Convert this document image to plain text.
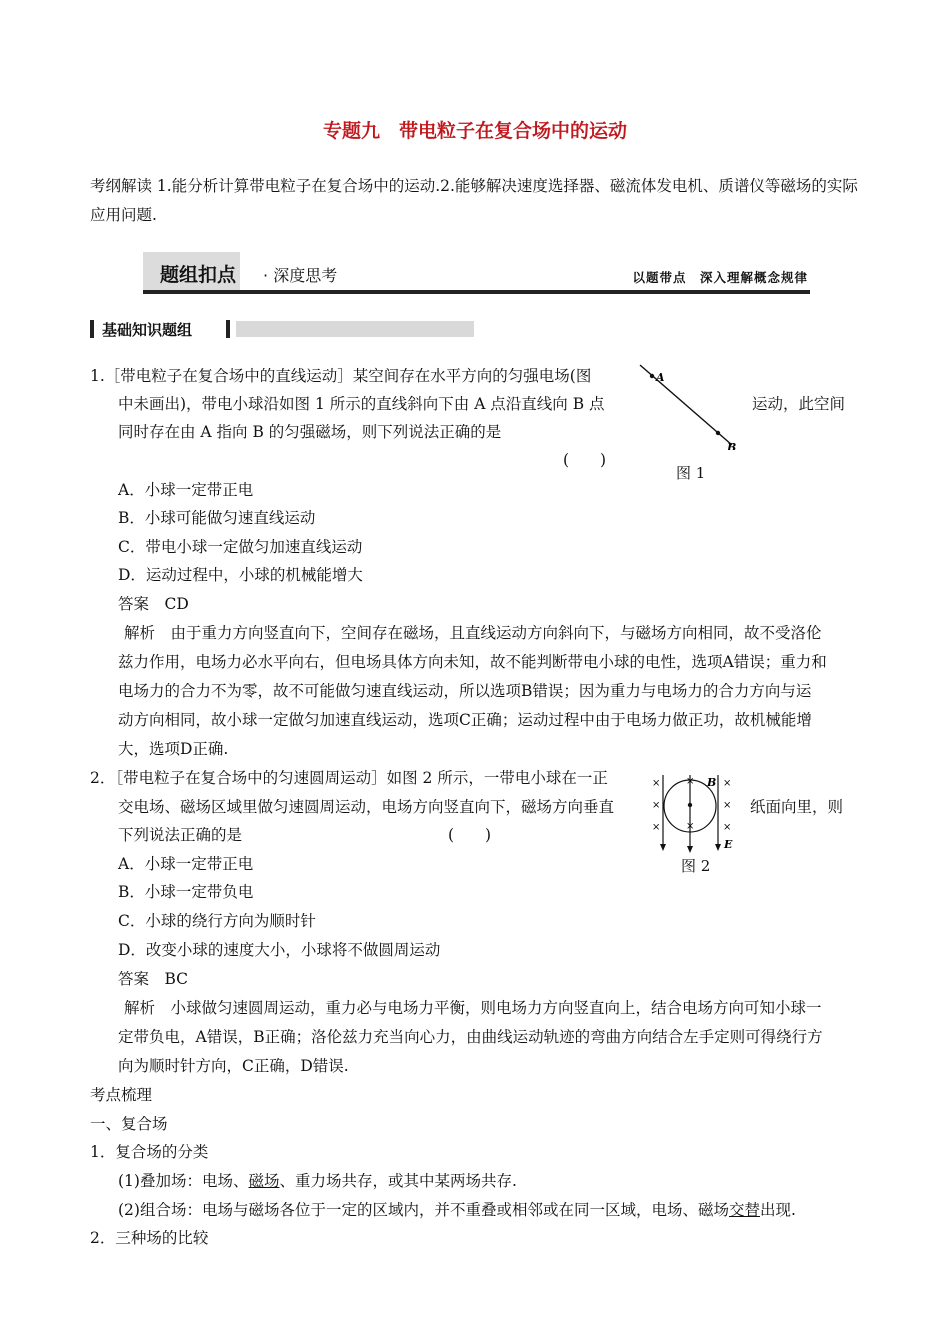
专题九　带电粒子在复合场中的运动
考纲解读 1.能分析计算带电粒子在复合场中的运动.2.能够解决速度选择器、磁流体发电机、质谱仪等磁场的实际应用问题.
题组扣点 · 深度思考	以题带点　深入理解概念规律
基础知识题组
1.［带电粒子在复合场中的直线运动］某空间存在水平方向的匀强电场(图
中未画出)，带电小球沿如图 1 所示的直线斜向下由 A 点沿直线向 B 点	运动，此空间
同时存在由 A 指向 B 的匀强磁场，则下列说法正确的是
(　　)
A
B
图 1
A．小球一定带正电
B．小球可能做匀速直线运动
C．带电小球一定做匀加速直线运动
D．运动过程中，小球的机械能增大
答案　CD
解析　由于重力方向竖直向下，空间存在磁场，且直线运动方向斜向下，与磁场方向相同，故不受洛伦
兹力作用，电场力必水平向右，但电场具体方向未知，故不能判断带电小球的电性，选项A错误；重力和
电场力的合力不为零，故不可能做匀速直线运动，所以选项B错误；因为重力与电场力的合力方向与运
动方向相同，故小球一定做匀加速直线运动，选项C正确；运动过程中由于电场力做正功，故机械能增
大，选项D正确.
2．［带电粒子在复合场中的匀速圆周运动］如图 2 所示，一带电小球在一正
交电场、磁场区域里做匀速圆周运动，电场方向竖直向下，磁场方向垂直	纸面向里，则
下列说法正确的是	(　　)
×
×
×
×
×
×
×
×
B
E
图 2
A．小球一定带正电
B．小球一定带负电
C．小球的绕行方向为顺时针
D．改变小球的速度大小，小球将不做圆周运动
答案　BC
解析　小球做匀速圆周运动，重力必与电场力平衡，则电场力方向竖直向上，结合电场方向可知小球一
定带负电，A错误，B正确；洛伦兹力充当向心力，由曲线运动轨迹的弯曲方向结合左手定则可得绕行方
向为顺时针方向，C正确，D错误.
考点梳理
一、复合场
1．复合场的分类
(1)叠加场：电场、磁场、重力场共存，或其中某两场共存.
(2)组合场：电场与磁场各位于一定的区域内，并不重叠或相邻或在同一区域，电场、磁场交替出现.
2．三种场的比较
